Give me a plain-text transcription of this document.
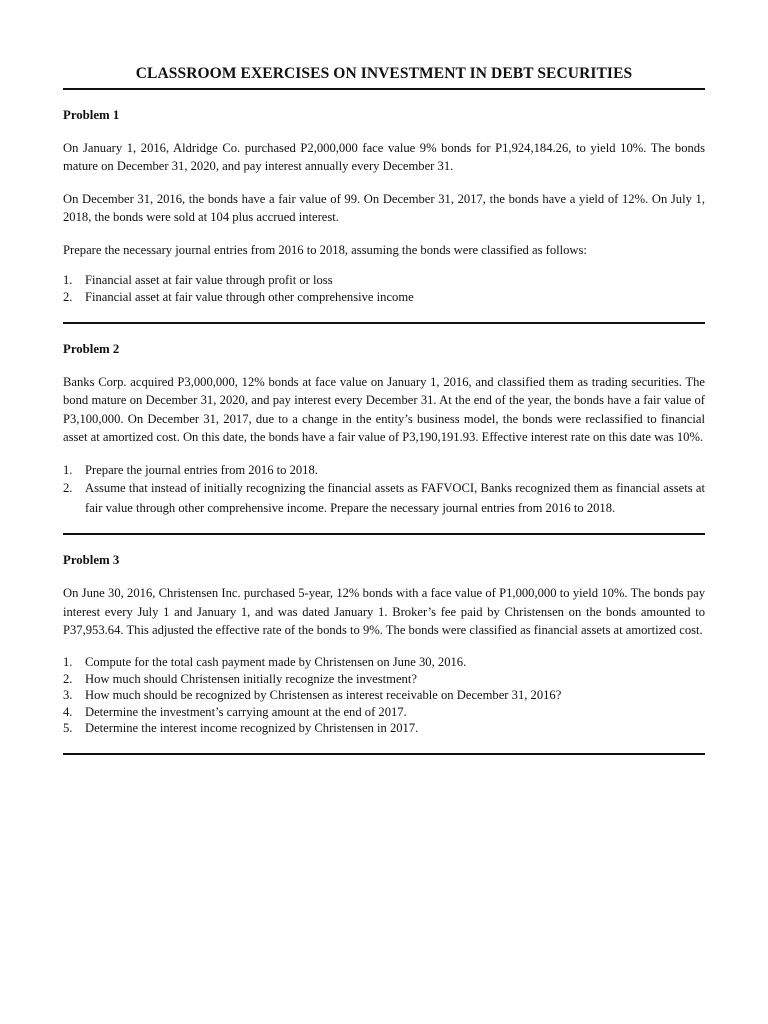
CLASSROOM EXERCISES ON INVESTMENT IN DEBT SECURITIES
Problem 1

On January 1, 2016, Aldridge Co. purchased P2,000,000 face value 9% bonds for P1,924,184.26, to yield 10%. The bonds mature on December 31, 2020, and pay interest annually every December 31.

On December 31, 2016, the bonds have a fair value of 99. On December 31, 2017, the bonds have a yield of 12%. On July 1, 2018, the bonds were sold at 104 plus accrued interest.

Prepare the necessary journal entries from 2016 to 2018, assuming the bonds were classified as follows:

1. Financial asset at fair value through profit or loss
2. Financial asset at fair value through other comprehensive income
Problem 2

Banks Corp. acquired P3,000,000, 12% bonds at face value on January 1, 2016, and classified them as trading securities. The bond mature on December 31, 2020, and pay interest every December 31. At the end of the year, the bonds have a fair value of P3,100,000. On December 31, 2017, due to a change in the entity’s business model, the bonds were reclassified to financial asset at amortized cost. On this date, the bonds have a fair value of P3,190,191.93. Effective interest rate on this date was 10%.

1. Prepare the journal entries from 2016 to 2018.
2. Assume that instead of initially recognizing the financial assets as FAFVOCI, Banks recognized them as financial assets at fair value through other comprehensive income. Prepare the necessary journal entries from 2016 to 2018.
Problem 3

On June 30, 2016, Christensen Inc. purchased 5-year, 12% bonds with a face value of P1,000,000 to yield 10%. The bonds pay interest every July 1 and January 1, and was dated January 1. Broker’s fee paid by Christensen on the bonds amounted to P37,953.64. This adjusted the effective rate of the bonds to 9%. The bonds were classified as financial assets at amortized cost.

1. Compute for the total cash payment made by Christensen on June 30, 2016.
2. How much should Christensen initially recognize the investment?
3. How much should be recognized by Christensen as interest receivable on December 31, 2016?
4. Determine the investment’s carrying amount at the end of 2017.
5. Determine the interest income recognized by Christensen in 2017.
